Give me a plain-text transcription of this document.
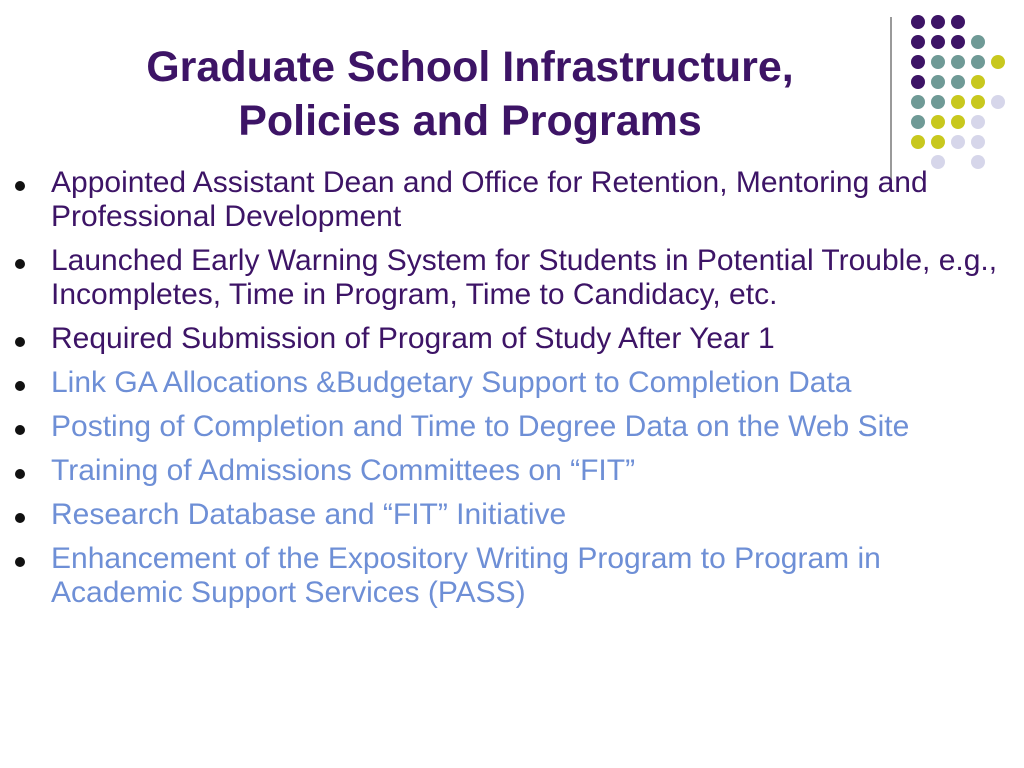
Graduate School Infrastructure,
Policies and Programs
Appointed Assistant Dean and Office for Retention, Mentoring and Professional Development
Launched Early Warning System for Students in Potential Trouble, e.g., Incompletes, Time in Program, Time to Candidacy, etc.
Required Submission of Program of Study After Year 1
Link GA Allocations &Budgetary Support to Completion Data
Posting of Completion and Time to Degree Data on the Web Site
Training of Admissions Committees on “FIT”
Research Database and “FIT” Initiative
Enhancement of the Expository Writing Program to Program in Academic Support Services (PASS)
